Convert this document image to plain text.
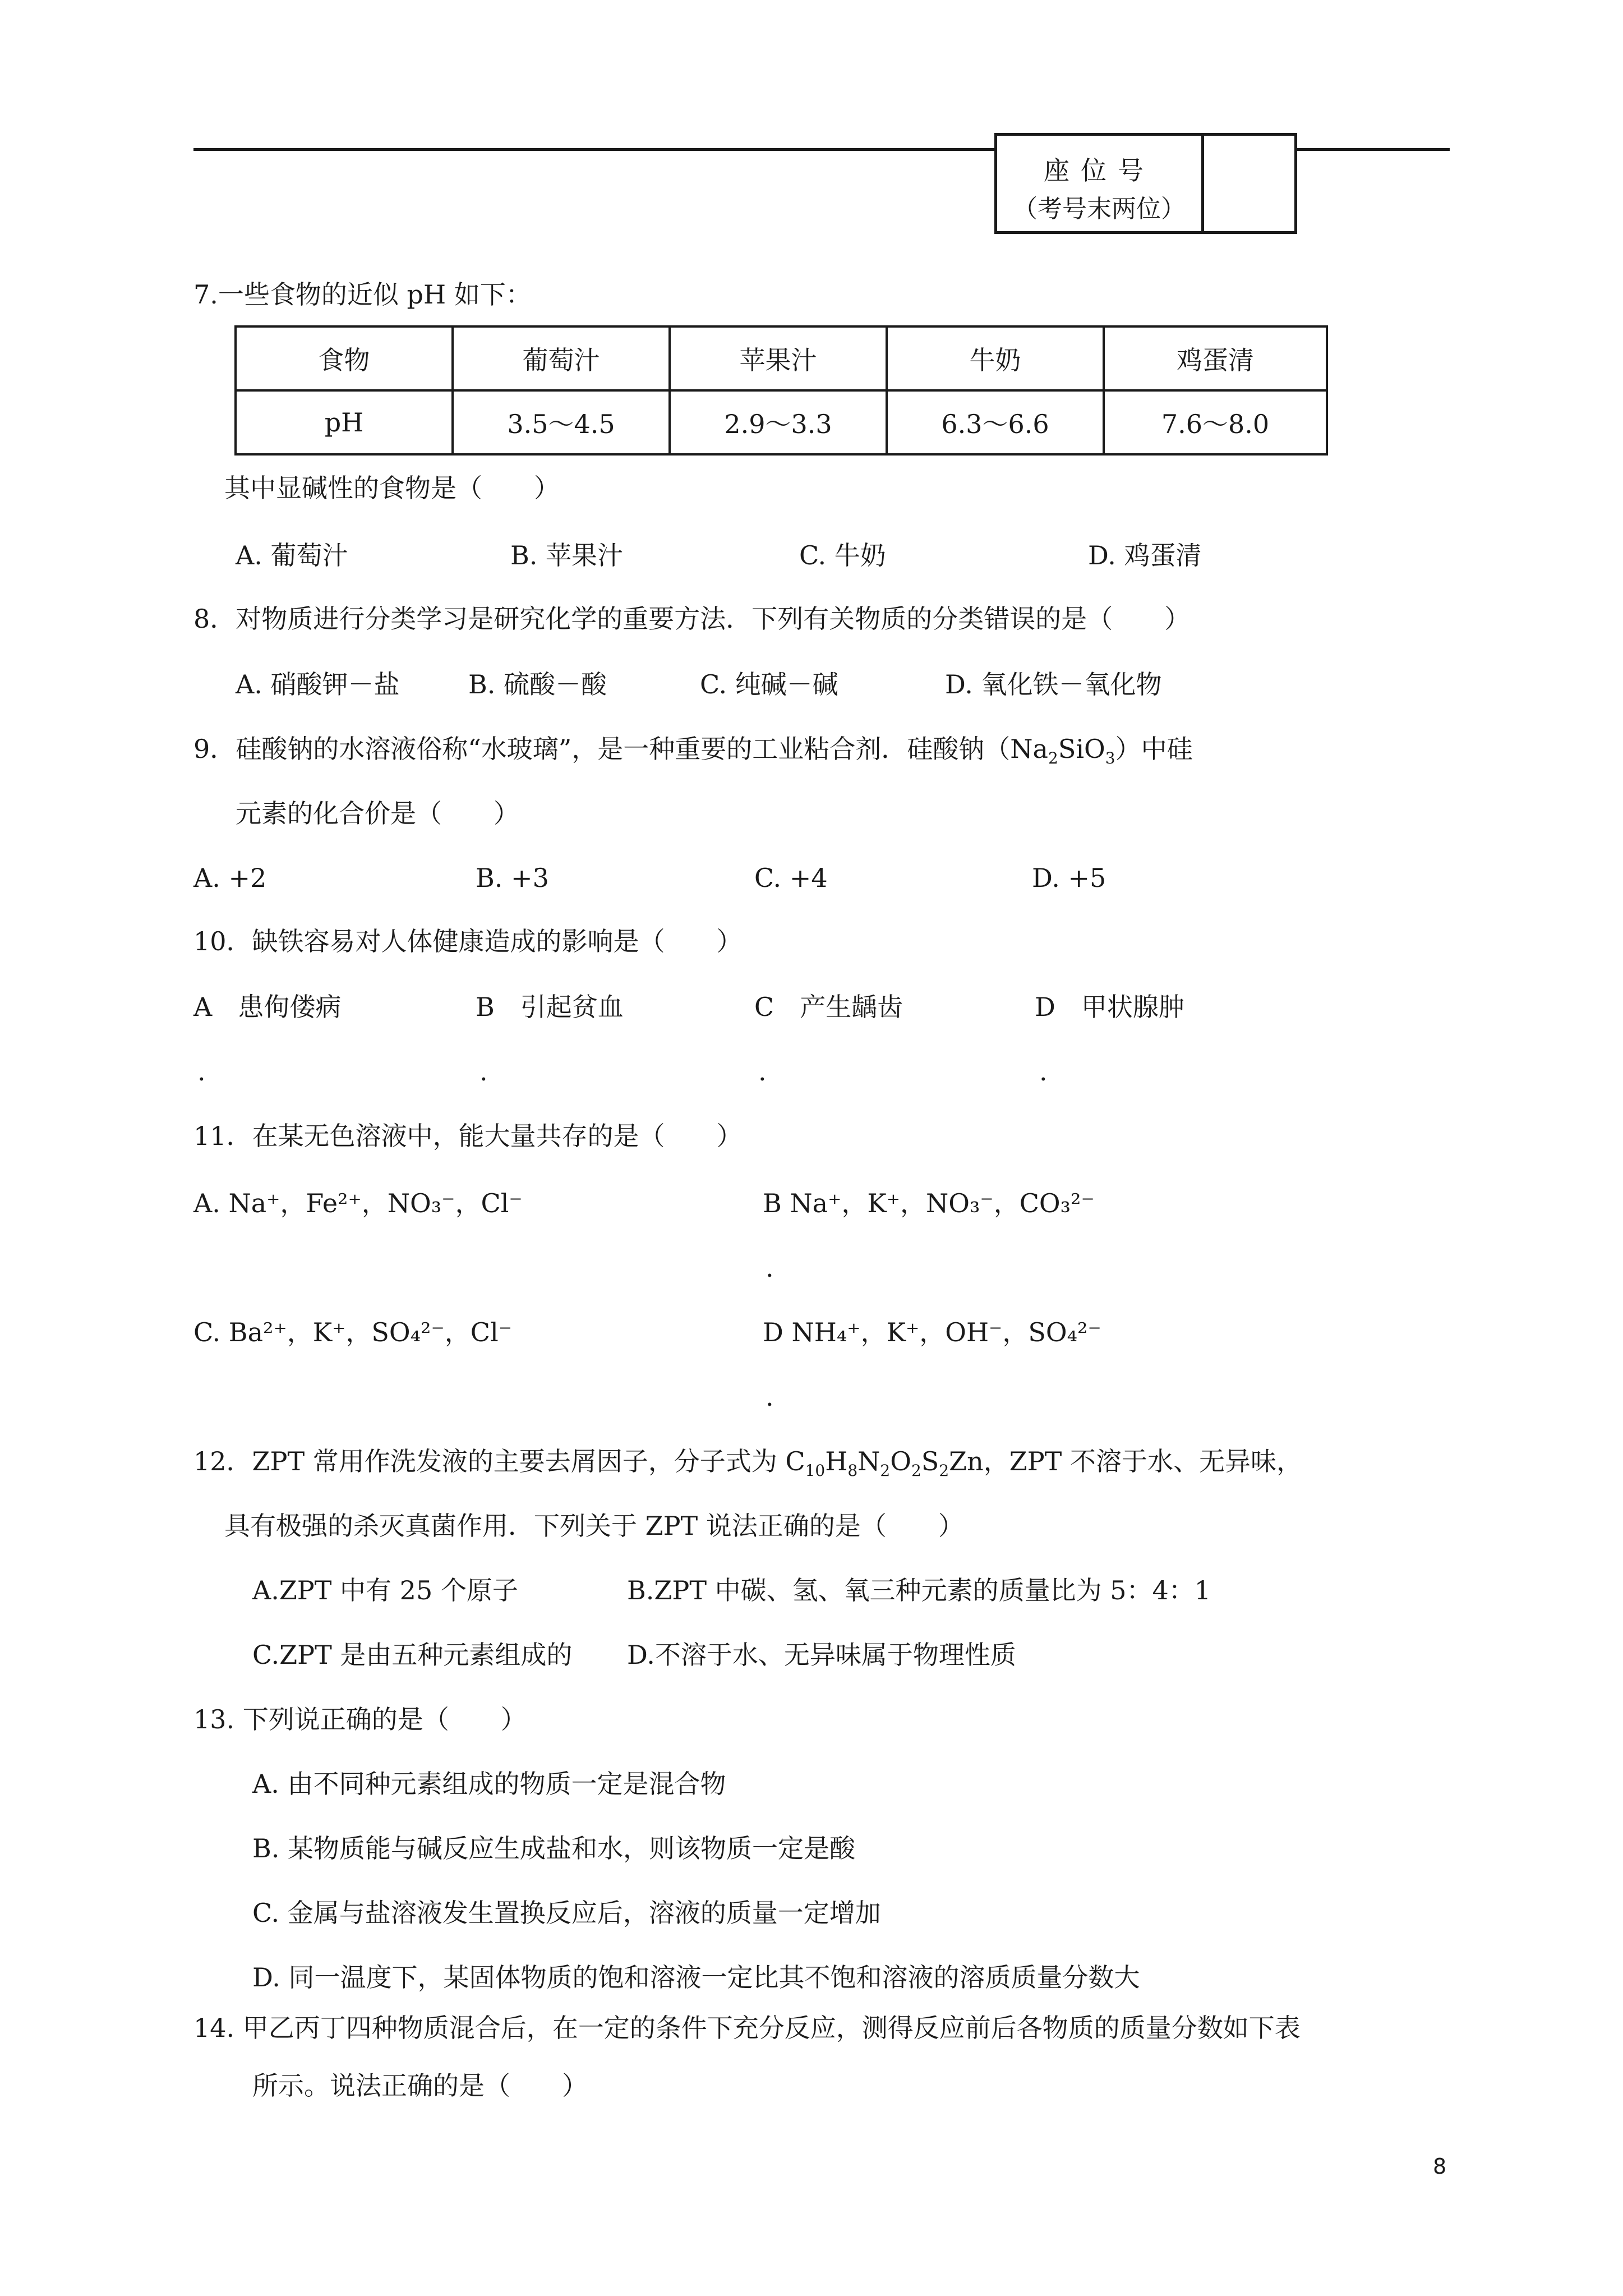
座位号
（考号末两位）
7.一些食物的近似 pH 如下：
食物	葡萄汁	苹果汁	牛奶	鸡蛋清
pH	3.5～4.5	2.9～3.3	6.3～6.6	7.6～8.0
其中显碱性的食物是（　　）
A. 葡萄汁	B. 苹果汁	C. 牛奶	D. 鸡蛋清
8．对物质进行分类学习是研究化学的重要方法．下列有关物质的分类错误的是（　　）
A. 硝酸钾－盐	B. 硫酸－酸	C. 纯碱－碱	D. 氧化铁－氧化物
9．硅酸钠的水溶液俗称“水玻璃”，是一种重要的工业粘合剂．硅酸钠$(Na_2SiO_3)$中硅
元素的化合价是（　　）
A. +2	B. +3	C. +4	D. +5
10．缺铁容易对人体健康造成的影响是（　　）
A　患佝偻病	B　引起贫血	C　产生龋齿	D　甲状腺肿
.	.	.	.
11．在某无色溶液中，能大量共存的是（　　）
A. Na⁺，Fe²⁺，NO₃⁻，Cl⁻	B Na⁺，K⁺，NO₃⁻，CO₃²⁻
.
C. Ba²⁺，K⁺，SO₄²⁻，Cl⁻	D NH₄⁺，K⁺，OH⁻，SO₄²⁻
.
12．ZPT 常用作洗发液的主要去屑因子，分子式为 $C_{10}H_8N_2O_2S_2Zn$，ZPT 不溶于水、无异味，
具有极强的杀灭真菌作用．下列关于 ZPT 说法正确的是（　　）
A.ZPT 中有 25 个原子	B.ZPT 中碳、氢、氧三种元素的质量比为 5：4：1
C.ZPT 是由五种元素组成的 D.不溶于水、无异味属于物理性质
13. 下列说正确的是（　　）
A. 由不同种元素组成的物质一定是混合物
B. 某物质能与碱反应生成盐和水，则该物质一定是酸
C. 金属与盐溶液发生置换反应后，溶液的质量一定增加
D. 同一温度下，某固体物质的饱和溶液一定比其不饱和溶液的溶质质量分数大
14. 甲乙丙丁四种物质混合后，在一定的条件下充分反应，测得反应前后各物质的质量分数如下表
所示。说法正确的是（　　）
8
